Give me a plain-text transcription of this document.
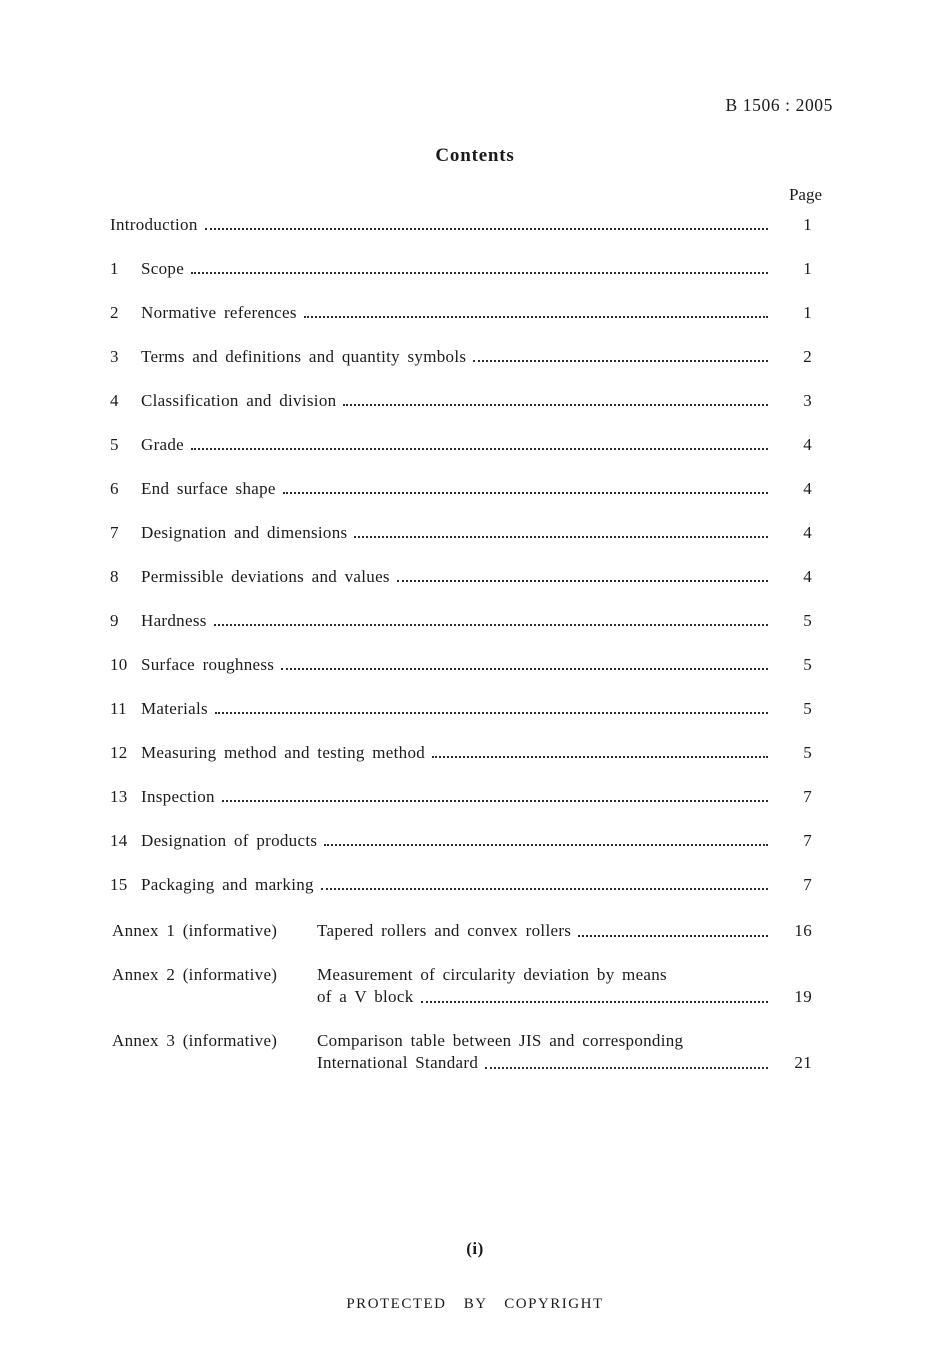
B 1506 : 2005
Contents
Page
Introduction	1
1	Scope	1
2	Normative references	1
3	Terms and definitions and quantity symbols	2
4	Classification and division	3
5	Grade	4
6	End surface shape	4
7	Designation and dimensions	4
8	Permissible deviations and values	4
9	Hardness	5
10 Surface roughness	5
11 Materials	5
12 Measuring method and testing method	5
13 Inspection	7
14 Designation of products	7
15 Packaging and marking	7
Annex 1 (informative)	Tapered rollers and convex rollers	16
Annex 2 (informative)	Measurement of circularity deviation by means
of a V block	19
Annex 3 (informative)	Comparison table between JIS and corresponding
International Standard	21
(i)
PROTECTED BY COPYRIGHT
